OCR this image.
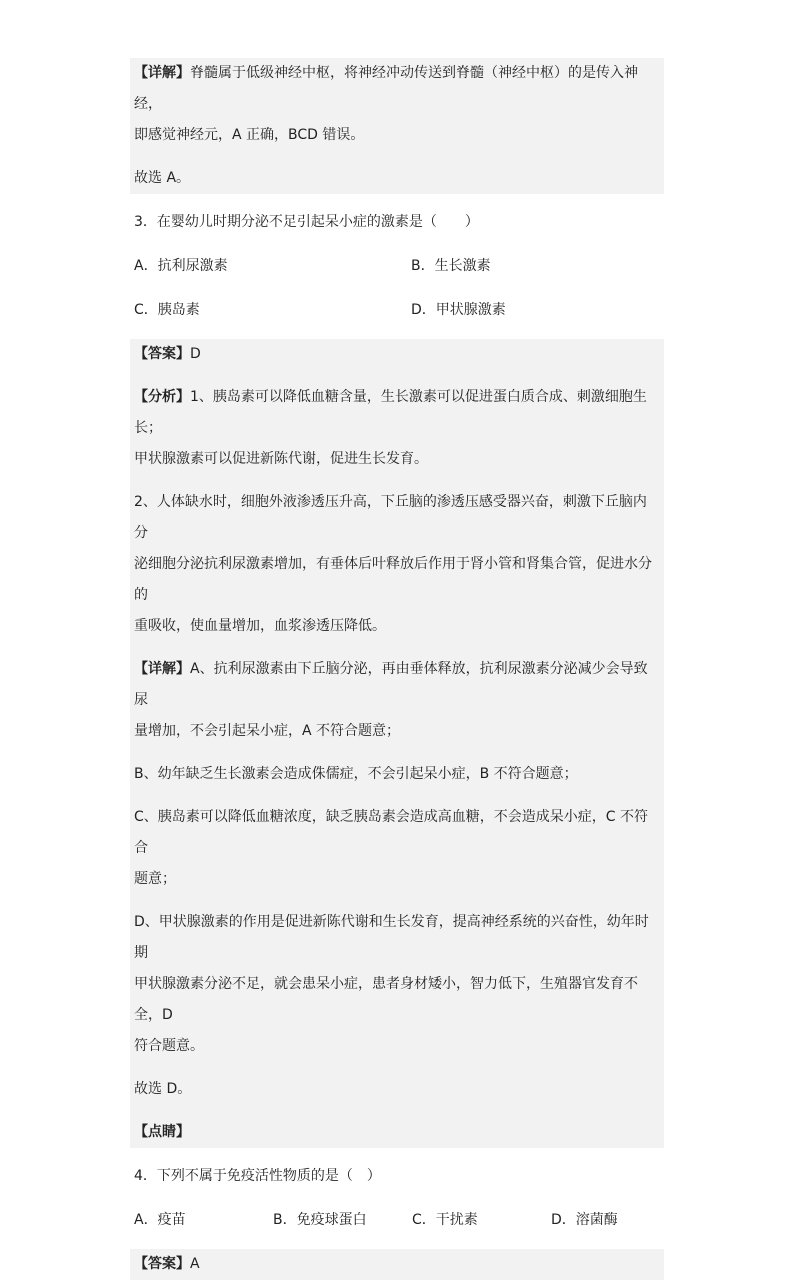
【详解】脊髓属于低级神经中枢，将神经冲动传送到脊髓（神经中枢）的是传入神经，

即感觉神经元，A 正确，BCD 错误。

故选 A。

3．在婴幼儿时期分泌不足引起呆小症的激素是（　　）

A．抗利尿激素	B．生长激素
C．胰岛素	D．甲状腺激素

【答案】D

【分析】1、胰岛素可以降低血糖含量，生长激素可以促进蛋白质合成、刺激细胞生长；

甲状腺激素可以促进新陈代谢，促进生长发育。

2、人体缺水时，细胞外液渗透压升高，下丘脑的渗透压感受器兴奋，刺激下丘脑内分

泌细胞分泌抗利尿激素增加，有垂体后叶释放后作用于肾小管和肾集合管，促进水分的

重吸收，使血量增加，血浆渗透压降低。

【详解】A、抗利尿激素由下丘脑分泌，再由垂体释放，抗利尿激素分泌减少会导致尿

量增加，不会引起呆小症，A 不符合题意；

B、幼年缺乏生长激素会造成侏儒症，不会引起呆小症，B 不符合题意；

C、胰岛素可以降低血糖浓度，缺乏胰岛素会造成高血糖，不会造成呆小症，C 不符合

题意；

D、甲状腺激素的作用是促进新陈代谢和生长发育，提高神经系统的兴奋性，幼年时期

甲状腺激素分泌不足，就会患呆小症，患者身材矮小，智力低下，生殖器官发育不全，D

符合题意。

故选 D。

【点睛】

4．下列不属于免疫活性物质的是（　）

A．疫苗	B．免疫球蛋白	C．干扰素	D．溶菌酶

【答案】A
